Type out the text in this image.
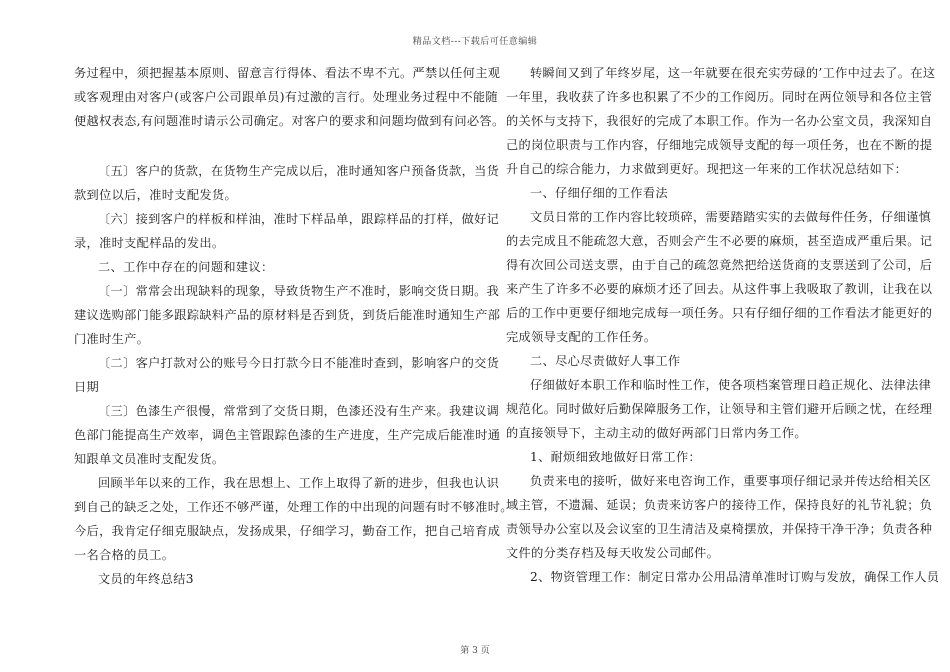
精品文档---下载后可任意编辑
务过程中，须把握基本原则、留意言行得体、看法不卑不亢。严禁以任何主观
或客观理由对客户(或客户公司跟单员)有过激的言行。处理业务过程中不能随
便越权表态,有问题准时请示公司确定。对客户的要求和问题均做到有问必答。
〔五〕客户的货款，在货物生产完成以后，准时通知客户预备货款，当货
款到位以后，准时支配发货。
〔六〕接到客户的样板和样油，准时下样品单，跟踪样品的打样，做好记
录，准时支配样品的发出。
二、工作中存在的问题和建议：
〔一〕常常会出现缺料的现象，导致货物生产不准时，影响交货日期。我
建议选购部门能多跟踪缺料产品的原材料是否到货，到货后能准时通知生产部
门准时生产。
〔二〕客户打款对公的账号今日打款今日不能准时查到，影响客户的交货
日期
〔三〕色漆生产很慢，常常到了交货日期，色漆还没有生产来。我建议调
色部门能提高生产效率，调色主管跟踪色漆的生产进度，生产完成后能准时通
知跟单文员准时支配发货。
回顾半年以来的工作，我在思想上、工作上取得了新的进步，但我也认识
到自己的缺乏之处，工作还不够严谨，处理工作的中出现的问题有时不够准时。
今后，我肯定仔细克服缺点，发扬成果，仔细学习，勤奋工作，把自己培育成
一名合格的员工。
文员的年终总结3
转瞬间又到了年终岁尾，这一年就要在很充实劳碌的’工作中过去了。在这
一年里，我收获了许多也积累了不少的工作阅历。同时在两位领导和各位主管
的关怀与支持下，我很好的完成了本职工作。作为一名办公室文员，我深知自
己的岗位职责与工作内容，仔细地完成领导支配的每一项任务，也在不断的提
升自己的综合能力，力求做到更好。现把这一年来的工作状况总结如下：
一、仔细仔细的工作看法
文员日常的工作内容比较琐碎，需要踏踏实实的去做每件任务，仔细谨慎
的去完成且不能疏忽大意，否则会产生不必要的麻烦，甚至造成严重后果。记
得有次回公司送支票，由于自己的疏忽竟然把给送货商的支票送到了公司，后
来产生了许多不必要的麻烦才还了回去。从这件事上我吸取了教训，让我在以
后的工作中更要仔细地完成每一项任务。只有仔细仔细的工作看法才能更好的
完成领导支配的工作任务。
二、尽心尽责做好人事工作
仔细做好本职工作和临时性工作，使各项档案管理日趋正规化、法律法律
规范化。同时做好后勤保障服务工作，让领导和主管们避开后顾之忧，在经理
的直接领导下，主动主动的做好两部门日常内务工作。
1、耐烦细致地做好日常工作：
负责来电的接听，做好来电咨询工作，重要事项仔细记录并传达给相关区
域主管，不遗漏、延误；负责来访客户的接待工作，保持良好的礼节礼貌；负
责领导办公室以及会议室的卫生清洁及桌椅摆放，并保持干净干净；负责各种
文件的分类存档及每天收发公司邮件。
2、物资管理工作：制定日常办公用品清单准时订购与发放，确保工作人员
第 3 页
